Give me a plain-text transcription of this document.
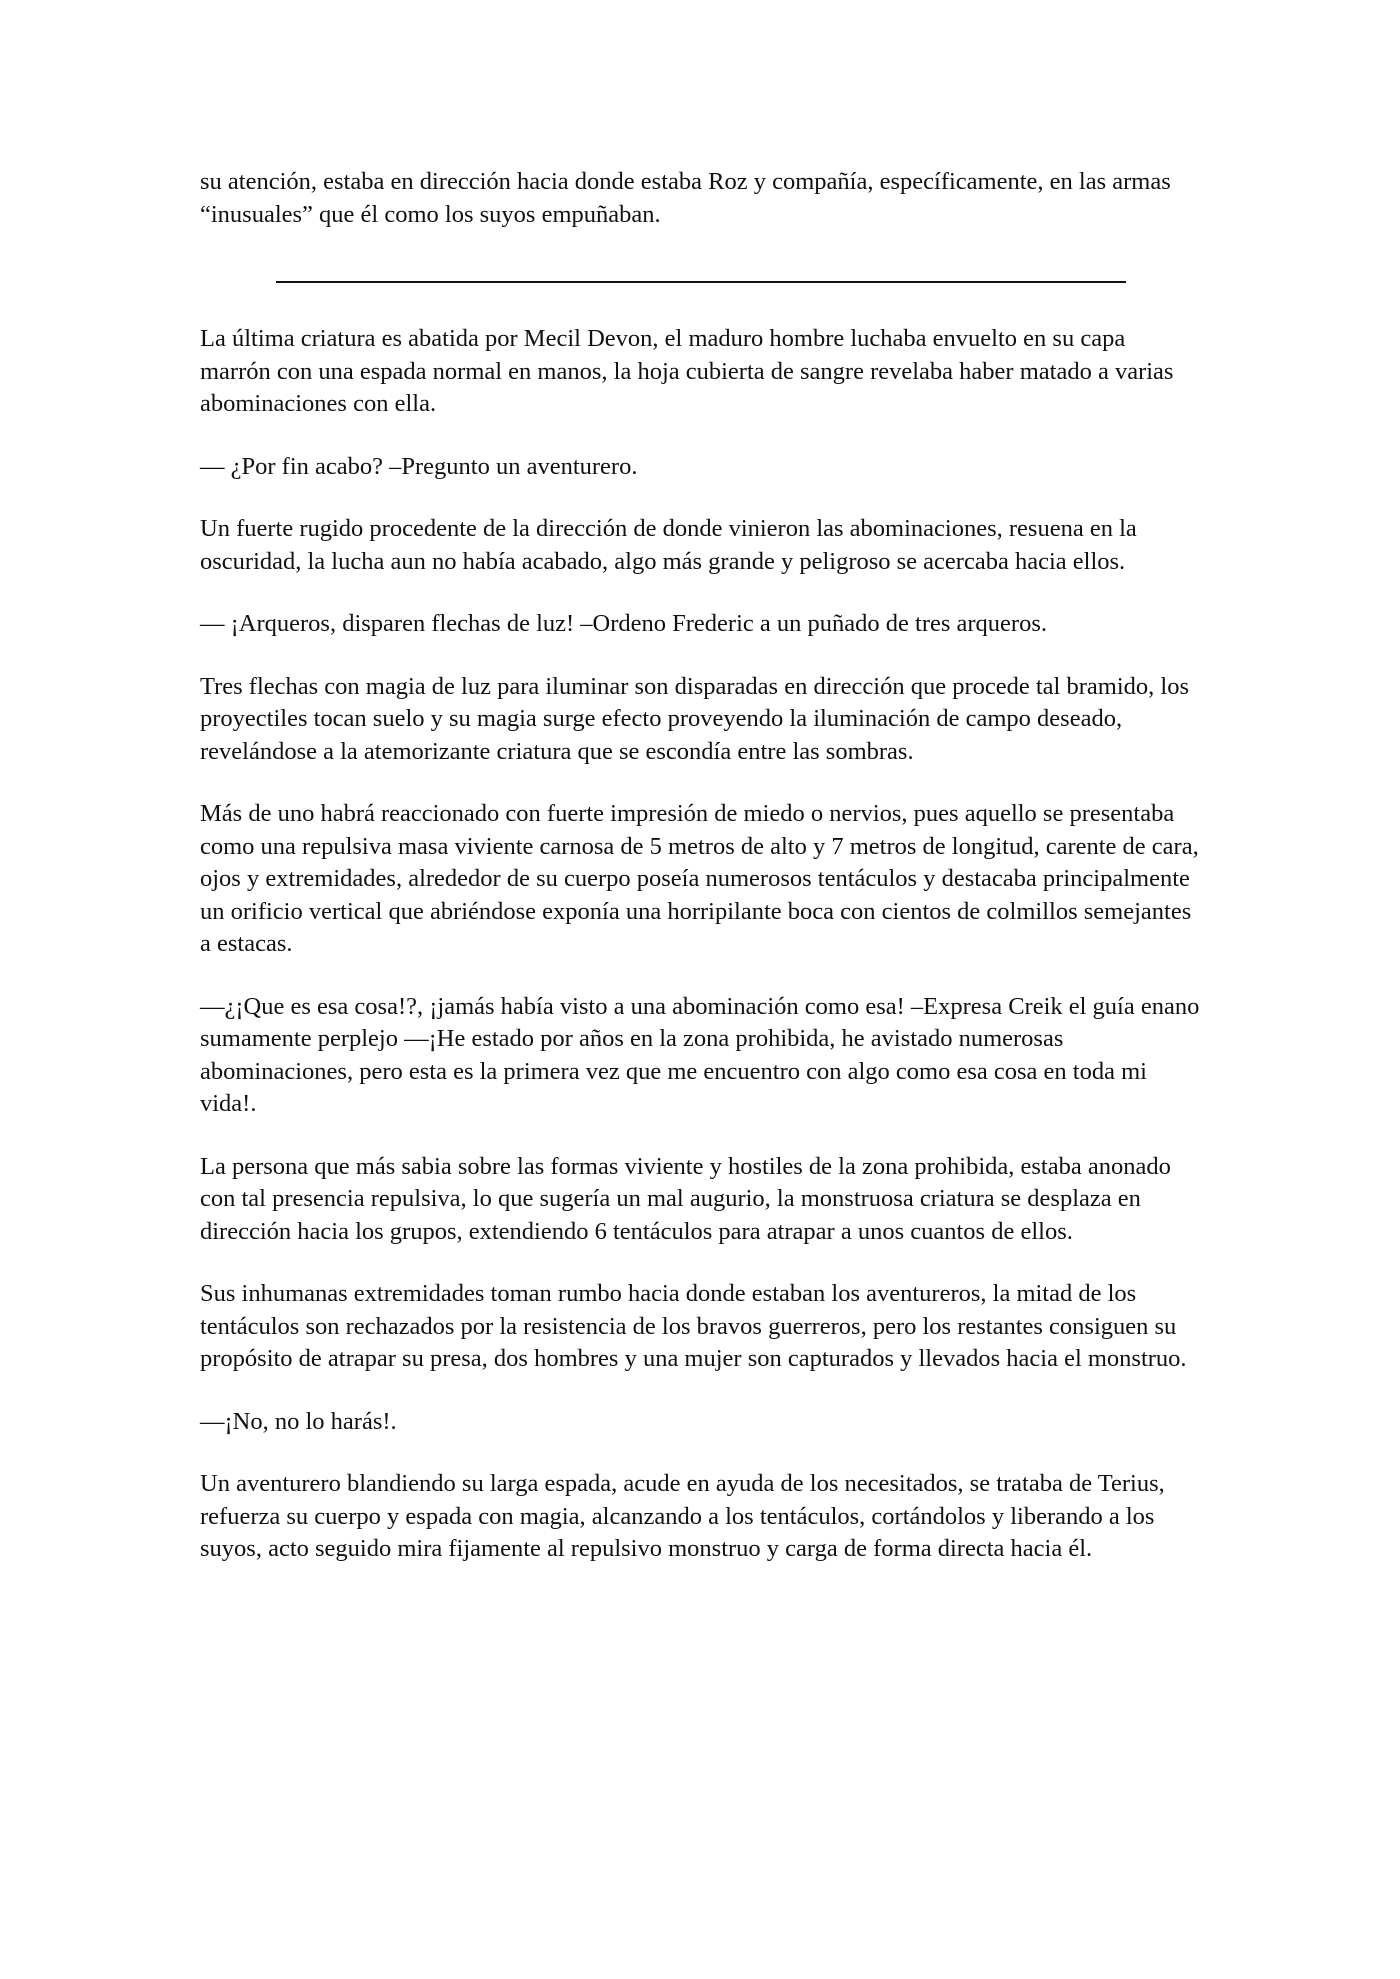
su atención, estaba en dirección hacia donde estaba Roz y compañía, específicamente, en las armas “inusuales” que él como los suyos empuñaban.

La última criatura es abatida por Mecil Devon, el maduro hombre luchaba envuelto en su capa marrón con una espada normal en manos, la hoja cubierta de sangre revelaba haber matado a varias abominaciones con ella.

— ¿Por fin acabo? –Pregunto un aventurero.

Un fuerte rugido procedente de la dirección de donde vinieron las abominaciones, resuena en la oscuridad, la lucha aun no había acabado, algo más grande y peligroso se acercaba hacia ellos.

— ¡Arqueros, disparen flechas de luz! –Ordeno Frederic a un puñado de tres arqueros.

Tres flechas con magia de luz para iluminar son disparadas en dirección que procede tal bramido, los proyectiles tocan suelo y su magia surge efecto proveyendo la iluminación de campo deseado, revelándose a la atemorizante criatura que se escondía entre las sombras.

Más de uno habrá reaccionado con fuerte impresión de miedo o nervios, pues aquello se presentaba como una repulsiva masa viviente carnosa de 5 metros de alto y 7 metros de longitud, carente de cara, ojos y extremidades, alrededor de su cuerpo poseía numerosos tentáculos y destacaba principalmente un orificio vertical que abriéndose exponía una horripilante boca con cientos de colmillos semejantes a estacas.

—¿¡Que es esa cosa!?, ¡jamás había visto a una abominación como esa! –Expresa Creik el guía enano sumamente perplejo —¡He estado por años en la zona prohibida, he avistado numerosas abominaciones, pero esta es la primera vez que me encuentro con algo como esa cosa en toda mi vida!.

La persona que más sabia sobre las formas viviente y hostiles de la zona prohibida, estaba anonado con tal presencia repulsiva, lo que sugería un mal augurio, la monstruosa criatura se desplaza en dirección hacia los grupos, extendiendo 6 tentáculos para atrapar a unos cuantos de ellos.

Sus inhumanas extremidades toman rumbo hacia donde estaban los aventureros, la mitad de los tentáculos son rechazados por la resistencia de los bravos guerreros, pero los restantes consiguen su propósito de atrapar su presa, dos hombres y una mujer son capturados y llevados hacia el monstruo.

—¡No, no lo harás!.

Un aventurero blandiendo su larga espada, acude en ayuda de los necesitados, se trataba de Terius, refuerza su cuerpo y espada con magia, alcanzando a los tentáculos, cortándolos y liberando a los suyos, acto seguido mira fijamente al repulsivo monstruo y carga de forma directa hacia él.
